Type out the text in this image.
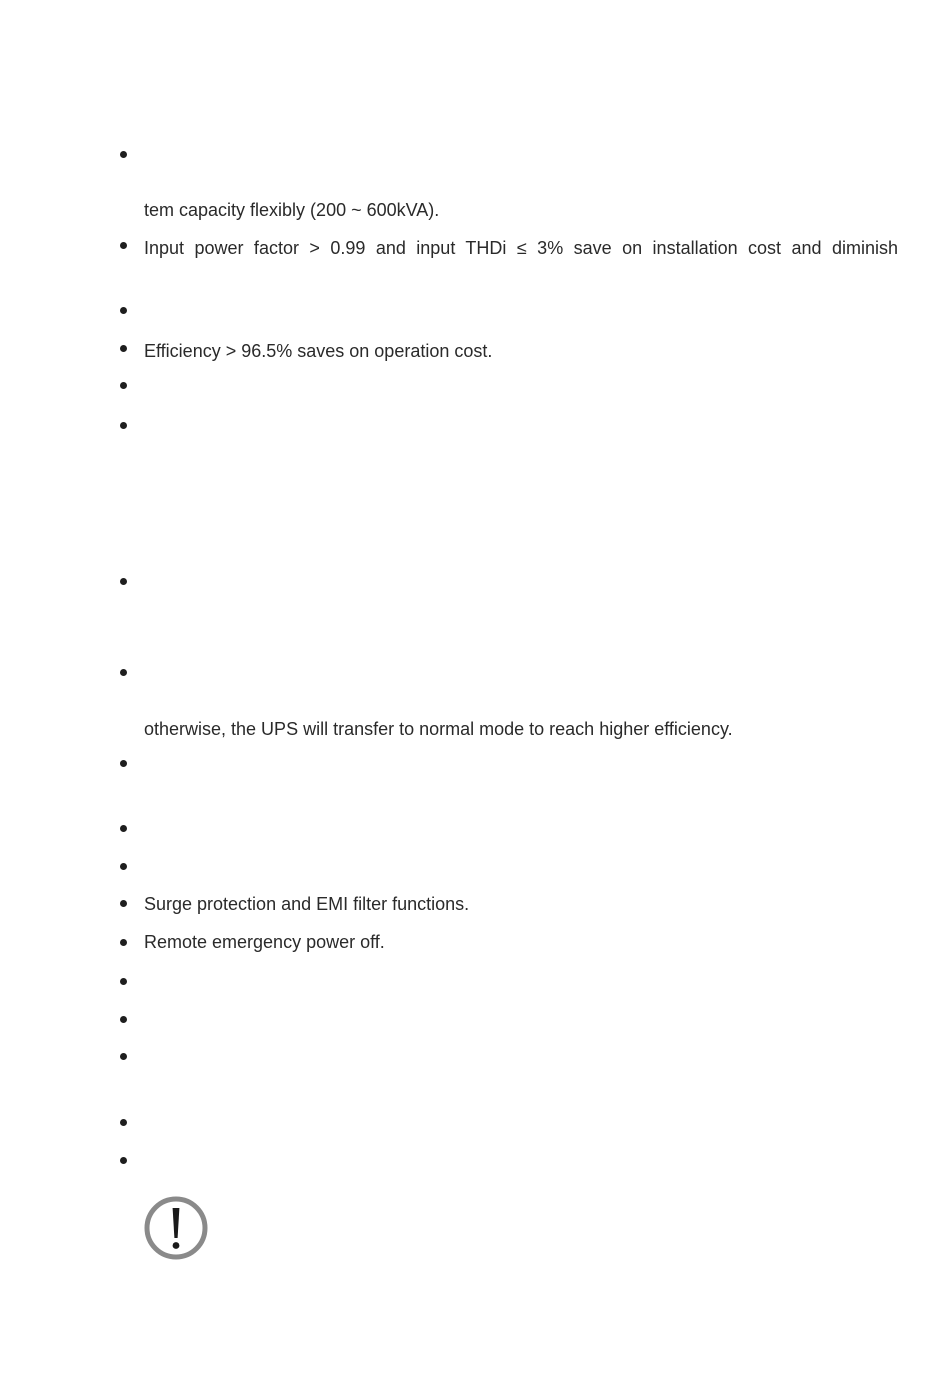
tem capacity flexibly (200 ~ 600kVA).
Input power factor > 0.99 and input THDi ≤ 3% save on installation cost and diminish
Efficiency > 96.5% saves on operation cost.
otherwise, the UPS will transfer to normal mode to reach higher efficiency.
Surge protection and EMI filter functions.
Remote emergency power off.
